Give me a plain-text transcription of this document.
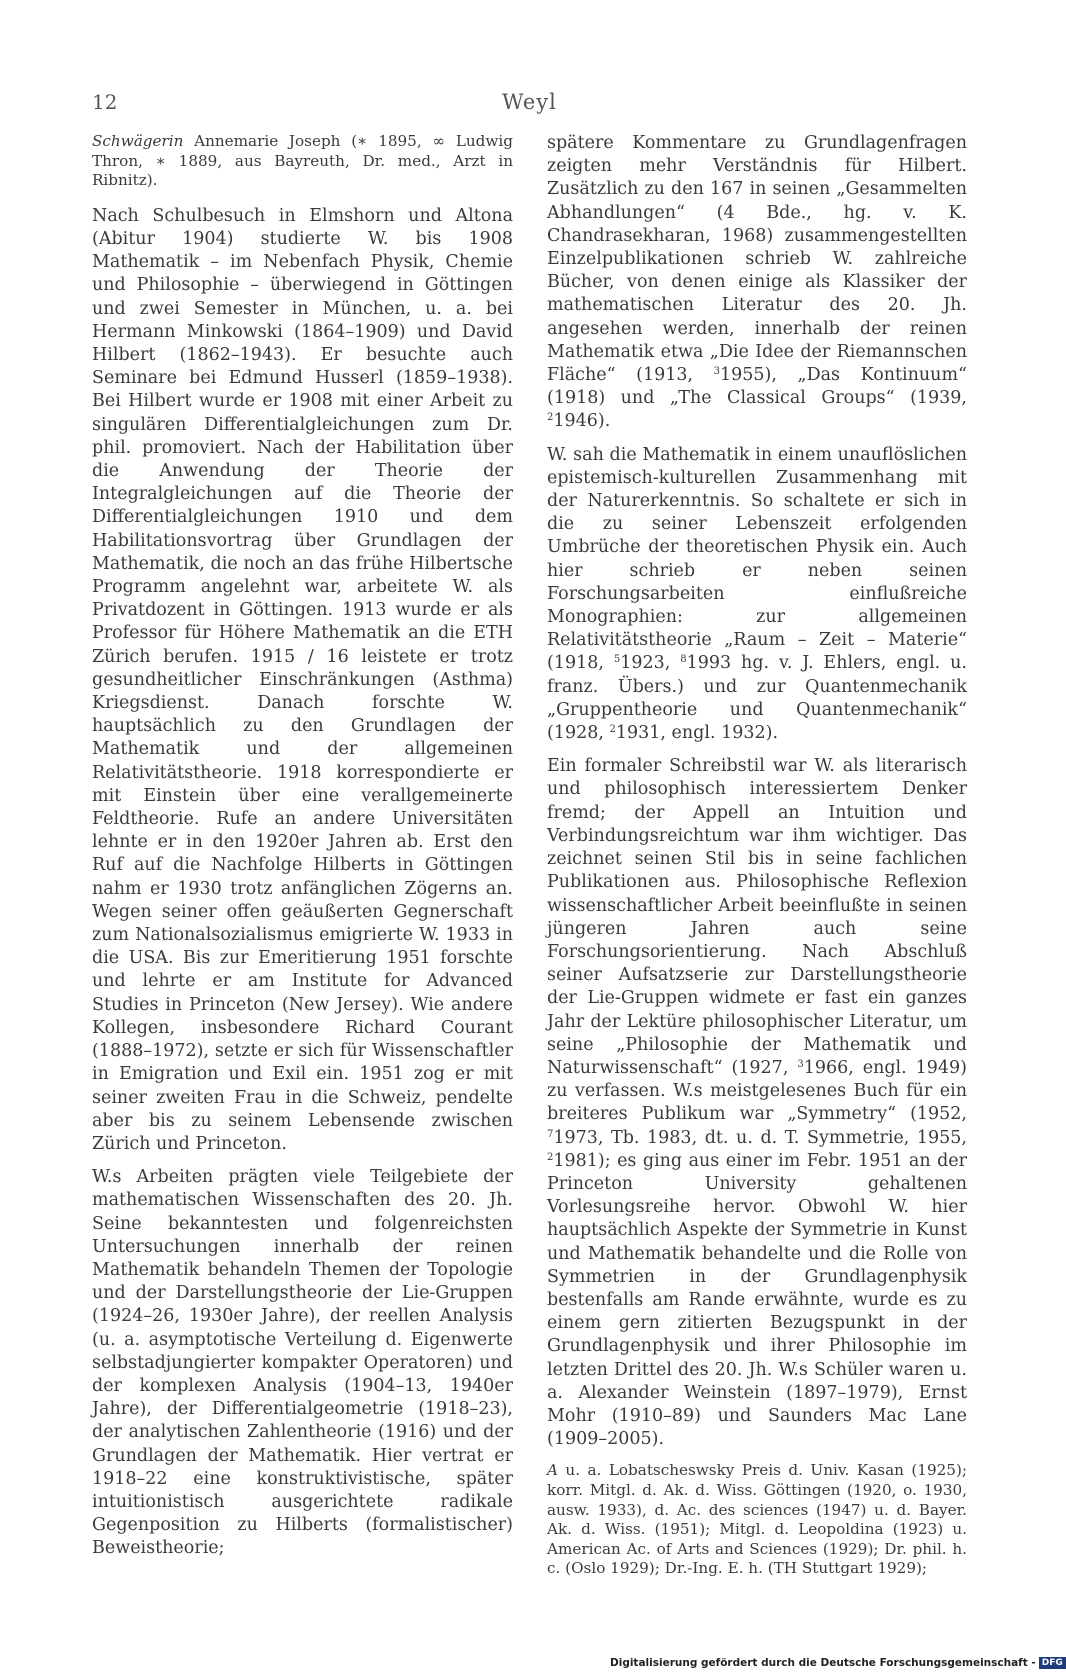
12	Weyl

Schwägerin Annemarie Joseph (∗ 1895, ∞ Ludwig Thron, ∗ 1889, aus Bayreuth, Dr. med., Arzt in Ribnitz).

Nach Schulbesuch in Elmshorn und Altona (Abitur 1904) studierte W. bis 1908 Mathematik – im Nebenfach Physik, Chemie und Philosophie – überwiegend in Göttingen und zwei Semester in München, u. a. bei Hermann Minkowski (1864–1909) und David Hilbert (1862–1943). Er besuchte auch Seminare bei Edmund Husserl (1859–1938). Bei Hilbert wurde er 1908 mit einer Arbeit zu singulären Differentialgleichungen zum Dr. phil. promoviert. Nach der Habilitation über die Anwendung der Theorie der Integralgleichungen auf die Theorie der Differentialgleichungen 1910 und dem Habilitationsvortrag über Grundlagen der Mathematik, die noch an das frühe Hilbertsche Programm angelehnt war, arbeitete W. als Privatdozent in Göttingen. 1913 wurde er als Professor für Höhere Mathematik an die ETH Zürich berufen. 1915 / 16 leistete er trotz gesundheitlicher Einschränkungen (Asthma) Kriegsdienst. Danach forschte W. hauptsächlich zu den Grundlagen der Mathematik und der allgemeinen Relativitätstheorie. 1918 korrespondierte er mit Einstein über eine verallgemeinerte Feldtheorie. Rufe an andere Universitäten lehnte er in den 1920er Jahren ab. Erst den Ruf auf die Nachfolge Hilberts in Göttingen nahm er 1930 trotz anfänglichen Zögerns an. Wegen seiner offen geäußerten Gegnerschaft zum Nationalsozialismus emigrierte W. 1933 in die USA. Bis zur Emeritierung 1951 forschte und lehrte er am Institute for Advanced Studies in Princeton (New Jersey). Wie andere Kollegen, insbesondere Richard Courant (1888–1972), setzte er sich für Wissenschaftler in Emigration und Exil ein. 1951 zog er mit seiner zweiten Frau in die Schweiz, pendelte aber bis zu seinem Lebensende zwischen Zürich und Princeton.

W.s Arbeiten prägten viele Teilgebiete der mathematischen Wissenschaften des 20. Jh. Seine bekanntesten und folgenreichsten Untersuchungen innerhalb der reinen Mathematik behandeln Themen der Topologie und der Darstellungstheorie der Lie-Gruppen (1924–26, 1930er Jahre), der reellen Analysis (u. a. asymptotische Verteilung d. Eigenwerte selbstadjungierter kompakter Operatoren) und der komplexen Analysis (1904–13, 1940er Jahre), der Differentialgeometrie (1918–23), der analytischen Zahlentheorie (1916) und der Grundlagen der Mathematik. Hier vertrat er 1918–22 eine konstruktivistische, später intuitionistisch ausgerichtete radikale Gegenposition zu Hilberts (formalistischer) Beweistheorie;

spätere Kommentare zu Grundlagenfragen zeigten mehr Verständnis für Hilbert. Zusätzlich zu den 167 in seinen „Gesammelten Abhandlungen“ (4 Bde., hg. v. K. Chandrasekharan, 1968) zusammengestellten Einzelpublikationen schrieb W. zahlreiche Bücher, von denen einige als Klassiker der mathematischen Literatur des 20. Jh. angesehen werden, innerhalb der reinen Mathematik etwa „Die Idee der Riemannschen Fläche“ (1913, $^3$1955), „Das Kontinuum“ (1918) und „The Classical Groups“ (1939, $^2$1946).

W. sah die Mathematik in einem unauflöslichen epistemisch-kulturellen Zusammenhang mit der Naturerkenntnis. So schaltete er sich in die zu seiner Lebenszeit erfolgenden Umbrüche der theoretischen Physik ein. Auch hier schrieb er neben seinen Forschungsarbeiten einflußreiche Monographien: zur allgemeinen Relativitätstheorie „Raum – Zeit – Materie“ (1918, $^5$1923, $^8$1993 hg. v. J. Ehlers, engl. u. franz. Übers.) und zur Quantenmechanik „Gruppentheorie und Quantenmechanik“ (1928, $^2$1931, engl. 1932).

Ein formaler Schreibstil war W. als literarisch und philosophisch interessiertem Denker fremd; der Appell an Intuition und Verbindungsreichtum war ihm wichtiger. Das zeichnet seinen Stil bis in seine fachlichen Publikationen aus. Philosophische Reflexion wissenschaftlicher Arbeit beeinflußte in seinen jüngeren Jahren auch seine Forschungsorientierung. Nach Abschluß seiner Aufsatzserie zur Darstellungstheorie der Lie-Gruppen widmete er fast ein ganzes Jahr der Lektüre philosophischer Literatur, um seine „Philosophie der Mathematik und Naturwissenschaft“ (1927, $^3$1966, engl. 1949) zu verfassen. W.s meistgelesenes Buch für ein breiteres Publikum war „Symmetry“ (1952, $^7$1973, Tb. 1983, dt. u. d. T. Symmetrie, 1955, $^2$1981); es ging aus einer im Febr. 1951 an der Princeton University gehaltenen Vorlesungsreihe hervor. Obwohl W. hier hauptsächlich Aspekte der Symmetrie in Kunst und Mathematik behandelte und die Rolle von Symmetrien in der Grundlagenphysik bestenfalls am Rande erwähnte, wurde es zu einem gern zitierten Bezugspunkt in der Grundlagenphysik und ihrer Philosophie im letzten Drittel des 20. Jh. W.s Schüler waren u. a. Alexander Weinstein (1897–1979), Ernst Mohr (1910–89) und Saunders Mac Lane (1909–2005).

A u. a. Lobatscheswsky Preis d. Univ. Kasan (1925); korr. Mitgl. d. Ak. d. Wiss. Göttingen (1920, o. 1930, ausw. 1933), d. Ac. des sciences (1947) u. d. Bayer. Ak. d. Wiss. (1951); Mitgl. d. Leopoldina (1923) u. American Ac. of Arts and Sciences (1929); Dr. phil. h. c. (Oslo 1929); Dr.-Ing. E. h. (TH Stuttgart 1929);

Digitalisierung gefördert durch die Deutsche Forschungsgemeinschaft - DFG
